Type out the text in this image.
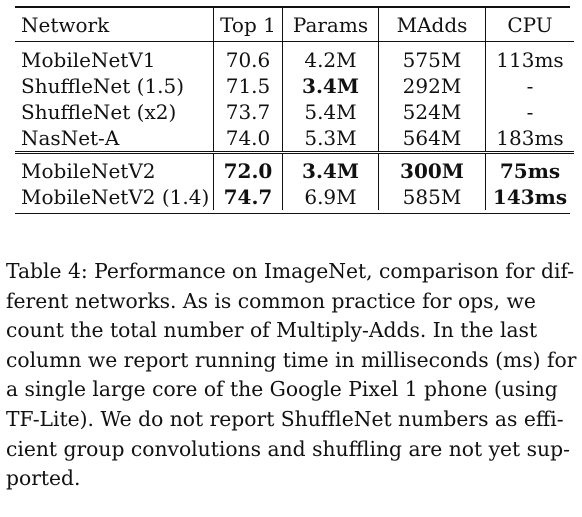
Network	Top 1	Params	MAdds	CPU
MobileNetV1	70.6	4.2M	575M	113ms
ShuffleNet (1.5)	71.5	3.4M	292M	-
ShuffleNet (x2)	73.7	5.4M	524M	-
NasNet-A	74.0	5.3M	564M	183ms
MobileNetV2	72.0	3.4M	300M	75ms
MobileNetV2 (1.4)	74.7	6.9M	585M	143ms
Table 4: Performance on ImageNet, comparison for dif-
ferent networks. As is common practice for ops, we
count the total number of Multiply-Adds. In the last
column we report running time in milliseconds (ms) for
a single large core of the Google Pixel 1 phone (using
TF-Lite). We do not report ShuffleNet numbers as effi-
cient group convolutions and shuffling are not yet sup-
ported.
